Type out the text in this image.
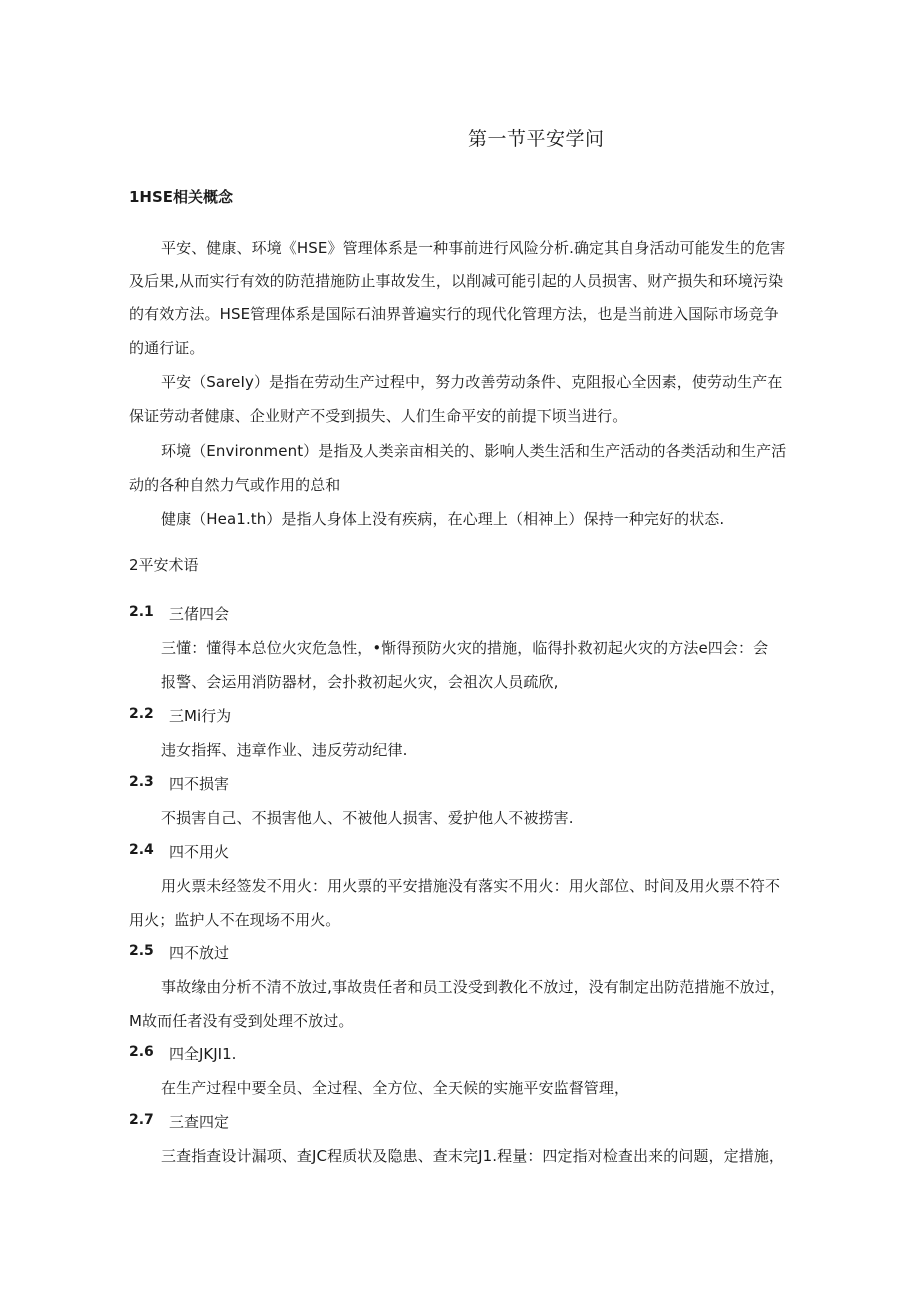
第一节平安学问
1HSE相关概念
平安、健康、环境《HSE》管理体系是一种事前进行风险分析.确定其自身活动可能发生的危害
及后果,从而实行有效的防范措施防止事故发生，以削减可能引起的人员损害、财产损失和环境污染
的有效方法。HSE管理体系是国际石油界普遍实行的现代化管理方法，也是当前进入国际市场竞争
的通行证。
平安（SareIy）是指在劳动生产过程中，努力改善劳动条件、克阻报心全因素，使劳动生产在
保证劳动者健康、企业财产不受到损失、人们生命平安的前提下顷当进行。
环境（Environment）是指及人类亲亩相关的、影响人类生活和生产活动的各类活动和生产活
动的各种自然力气或作用的总和
健康（Hea1.th）是指人身体上没有疾病，在心理上（相神上）保持一种完好的状态.
2平安术语
2.1 三偖四会
三懂：懂得本总位火灾危急性，•惭得预防火灾的措施，临得扑救初起火灾的方法e四会：会
报警、会运用消防器材，会扑救初起火灾，会祖次人员疏欣,
2.2 三Mi行为
违女指挥、违章作业、违反劳动纪律.
2.3 四不损害
不损害自己、不损害他人、不被他人损害、爱护他人不被捞害.
2.4 四不用火
用火票未经签发不用火：用火票的平安措施没有落实不用火：用火部位、时间及用火票不符不
用火；监护人不在现场不用火。
2.5 四不放过
事故缘由分析不清不放过,事故贵任者和员工没受到教化不放过，没有制定出防范措施不放过，
M故而任者没有受到处理不放过。
2.6 四全JKJI1.
在生产过程中要全员、全过程、全方位、全天候的实施平安监督管理，
2.7 三查四定
三查指查设计漏项、查JC程质状及隐患、查末完J1.程量：四定指对检查出来的问题，定措施，
